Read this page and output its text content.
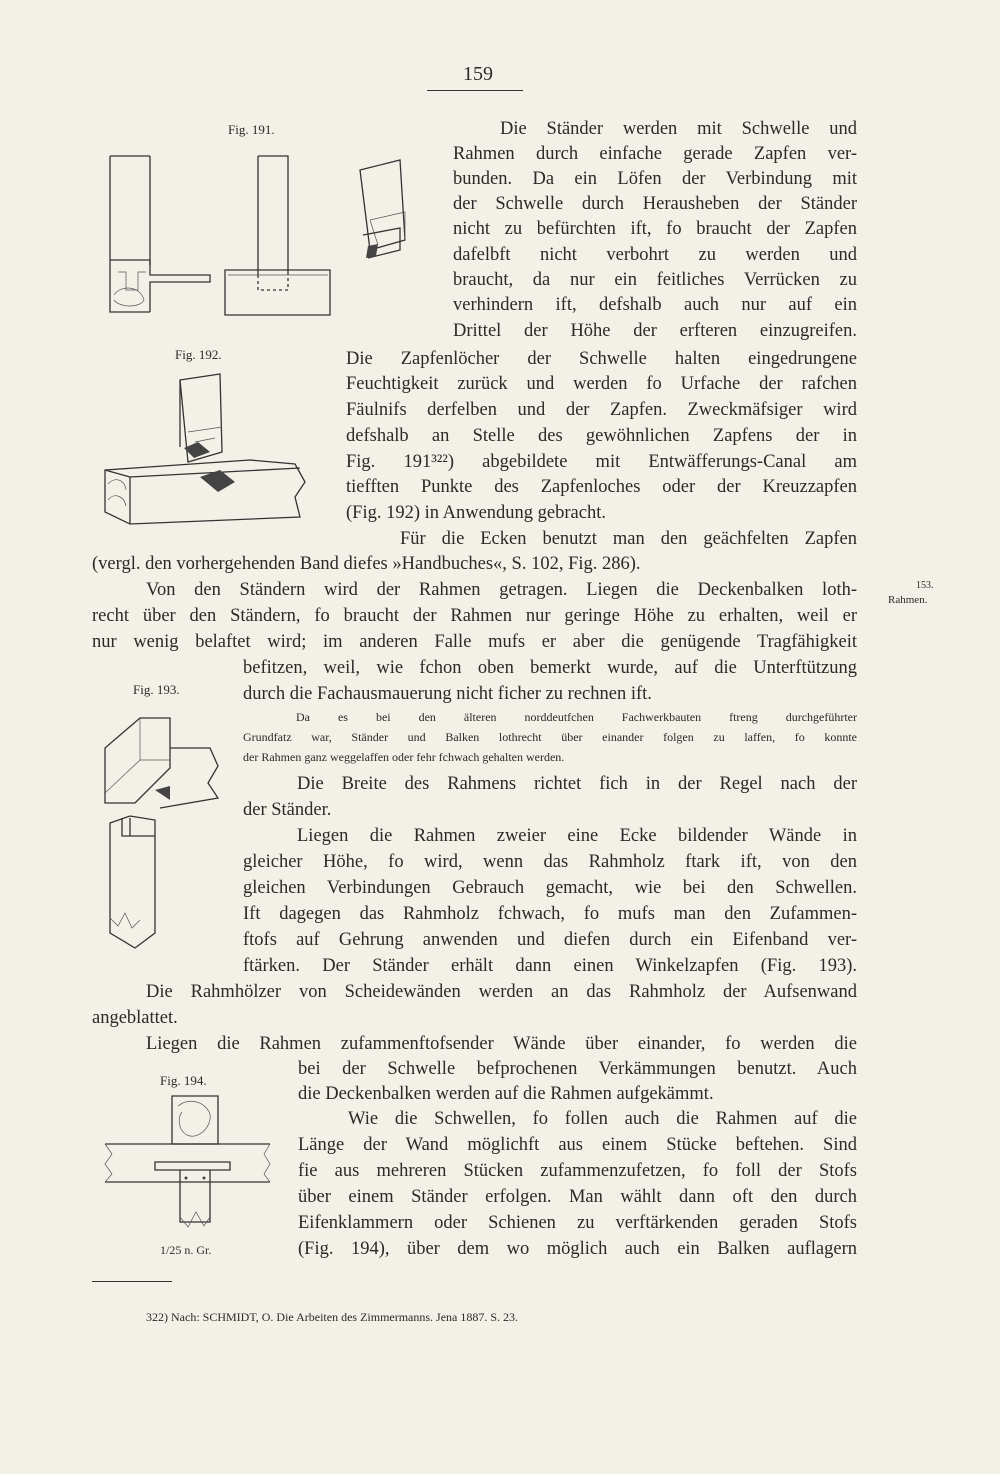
159
Fig. 191.
Fig. 192.
Fig. 193.
Fig. 194.
1/25 n. Gr.
153.
Rahmen.
Die Ständer werden mit Schwelle und
Rahmen durch einfache gerade Zapfen ver-
bunden. Da ein Löfen der Verbindung mit
der Schwelle durch Herausheben der Ständer
nicht zu befürchten ift, fo braucht der Zapfen
dafelbft nicht verbohrt zu werden und
braucht, da nur ein feitliches Verrücken zu
verhindern ift, defshalb auch nur auf ein
Drittel der Höhe der erfteren einzugreifen.
Die Zapfenlöcher der Schwelle halten eingedrungene
Feuchtigkeit zurück und werden fo Urfache der rafchen
Fäulnifs derfelben und der Zapfen. Zweckmäfsiger wird
defshalb an Stelle des gewöhnlichen Zapfens der in
Fig. 191³²²) abgebildete mit Entwäfferungs-Canal am
tiefften Punkte des Zapfenloches oder der Kreuzzapfen
(Fig. 192) in Anwendung gebracht.
Für die Ecken benutzt man den geächfelten Zapfen
(vergl. den vorhergehenden Band diefes »Handbuches«, S. 102, Fig. 286).
Von den Ständern wird der Rahmen getragen. Liegen die Deckenbalken loth-
recht über den Ständern, fo braucht der Rahmen nur geringe Höhe zu erhalten, weil er
nur wenig belaftet wird; im anderen Falle mufs er aber die genügende Tragfähigkeit
befitzen, weil, wie fchon oben bemerkt wurde, auf die Unterftützung
durch die Fachausmauerung nicht ficher zu rechnen ift.
Da es bei den älteren norddeutfchen Fachwerkbauten ftreng durchgeführter
Grundfatz war, Ständer und Balken lothrecht über einander folgen zu laffen, fo konnte
der Rahmen ganz weggelaffen oder fehr fchwach gehalten werden.
Die Breite des Rahmens richtet fich in der Regel nach der
der Ständer.
Liegen die Rahmen zweier eine Ecke bildender Wände in
gleicher Höhe, fo wird, wenn das Rahmholz ftark ift, von den
gleichen Verbindungen Gebrauch gemacht, wie bei den Schwellen.
Ift dagegen das Rahmholz fchwach, fo mufs man den Zufammen-
ftofs auf Gehrung anwenden und diefen durch ein Eifenband ver-
ftärken. Der Ständer erhält dann einen Winkelzapfen (Fig. 193).
Die Rahmhölzer von Scheidewänden werden an das Rahmholz der Aufsenwand
angeblattet.
Liegen die Rahmen zufammenftofsender Wände über einander, fo werden die
bei der Schwelle befprochenen Verkämmungen benutzt. Auch
die Deckenbalken werden auf die Rahmen aufgekämmt.
Wie die Schwellen, fo follen auch die Rahmen auf die
Länge der Wand möglichft aus einem Stücke beftehen. Sind
fie aus mehreren Stücken zufammenzufetzen, fo foll der Stofs
über einem Ständer erfolgen. Man wählt dann oft den durch
Eifenklammern oder Schienen zu verftärkenden geraden Stofs
(Fig. 194), über dem wo möglich auch ein Balken auflagern
322) Nach: SCHMIDT, O. Die Arbeiten des Zimmermanns. Jena 1887. S. 23.
